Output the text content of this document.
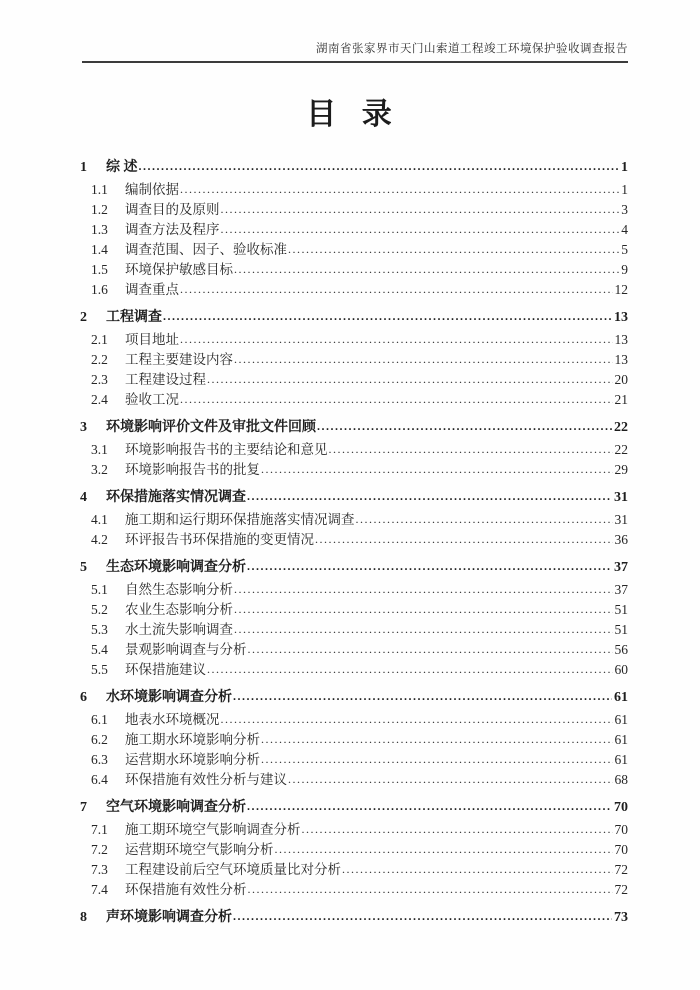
湖南省张家界市天门山索道工程竣工环境保护验收调查报告
目 录
1	综 述 .....	1
1.1	编制依据 .....	1
1.2	调查目的及原则 .....	3
1.3	调查方法及程序 .....	4
1.4	调查范围、因子、验收标准 .....	5
1.5	环境保护敏感目标 .....	9
1.6	调查重点 .....	12
2	工程调查 .....	13
2.1	项目地址 .....	13
2.2	工程主要建设内容 .....	13
2.3	工程建设过程 .....	20
2.4	验收工况 .....	21
3	环境影响评价文件及审批文件回顾 .....	22
3.1	环境影响报告书的主要结论和意见 .....	22
3.2	环境影响报告书的批复 .....	29
4	环保措施落实情况调查 .....	31
4.1	施工期和运行期环保措施落实情况调查 .....	31
4.2	环评报告书环保措施的变更情况 .....	36
5	生态环境影响调查分析 .....	37
5.1	自然生态影响分析 .....	37
5.2	农业生态影响分析 .....	51
5.3	水土流失影响调查 .....	51
5.4	景观影响调查与分析 .....	56
5.5	环保措施建议 .....	60
6	水环境影响调查分析 .....	61
6.1	地表水环境概况 .....	61
6.2	施工期水环境影响分析 .....	61
6.3	运营期水环境影响分析 .....	61
6.4	环保措施有效性分析与建议 .....	68
7	空气环境影响调查分析 .....	70
7.1	施工期环境空气影响调查分析 .....	70
7.2	运营期环境空气影响分析 .....	70
7.3	工程建设前后空气环境质量比对分析 .....	72
7.4	环保措施有效性分析 .....	72
8	声环境影响调查分析 .....	73
